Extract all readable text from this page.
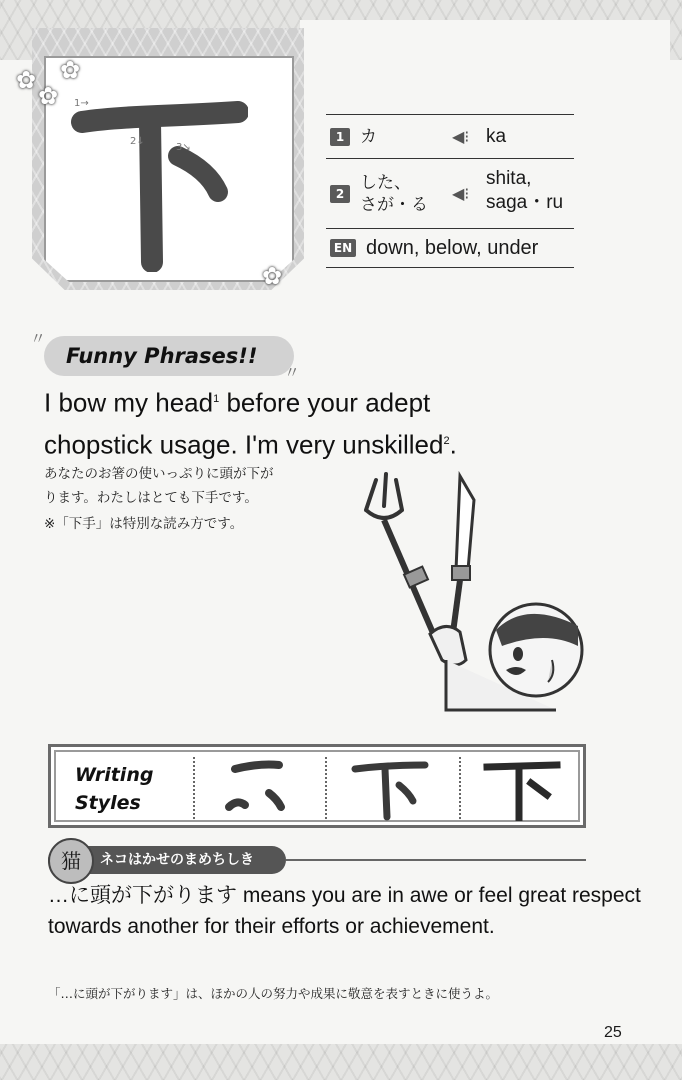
1→
2↓
3↘
✿
✿
✿
✿
1 カ	◀⁝ ka
2
した、
さが・る
◀⁝
shita,
saga・ru
EN down, below, under
〃
Funny Phrases!!
〃
I bow my head$^1$ before your adept
chopstick usage. I'm very unskilled$^2$.
あなたのお箸の使いっぷりに頭が下が
ります。わたしはとても下手です。
※「下手」は特別な読み方です。
Writing
Styles
ネコはかせのまめちしき
猫
…に頭が下がります means you are in awe or feel great respect towards another for their efforts or achievement.
「…に頭が下がります」は、ほかの人の努力や成果に敬意を表すときに使うよ。
25
